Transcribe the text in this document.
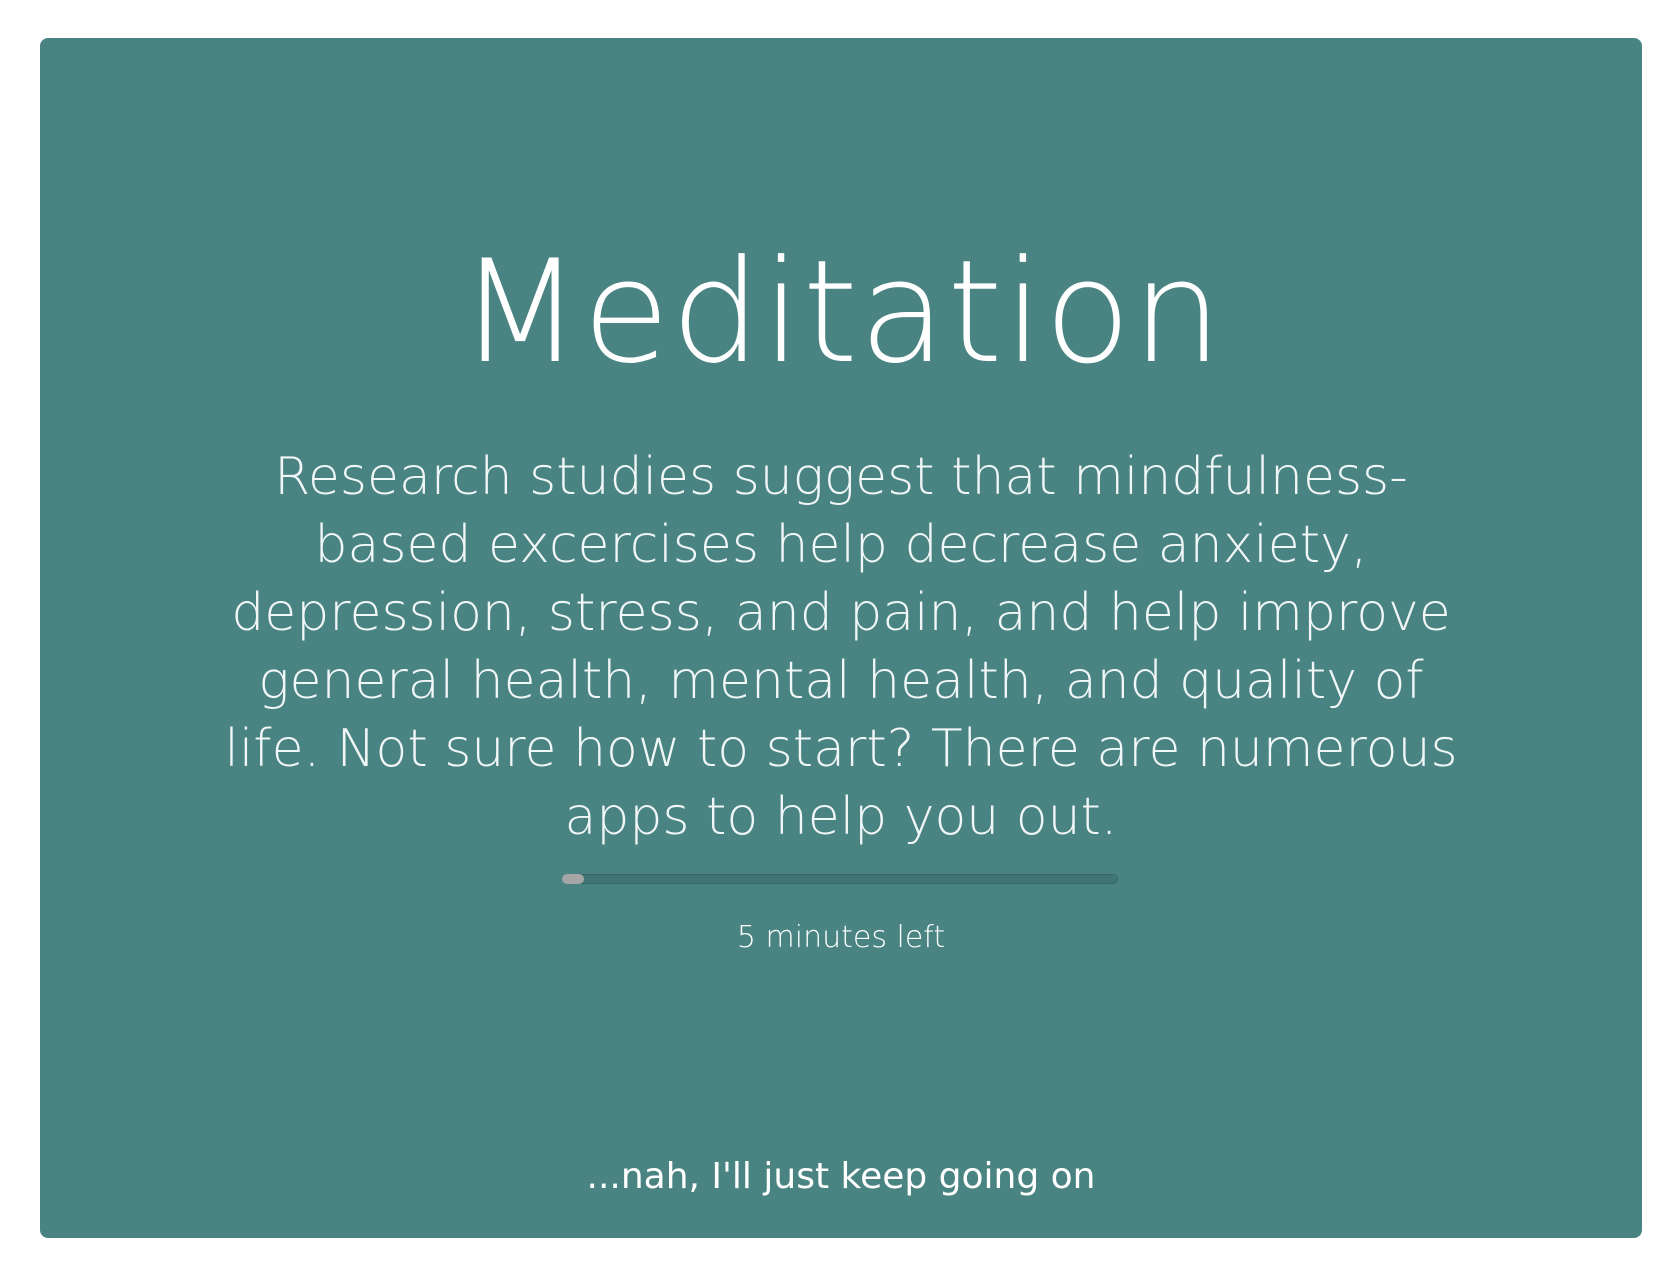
Meditation

Research studies suggest that mindfulness-based excercises help decrease anxiety, depression, stress, and pain, and help improve general health, mental health, and quality of life. Not sure how to start? There are numerous apps to help you out.

5 minutes left
...nah, I'll just keep going on
